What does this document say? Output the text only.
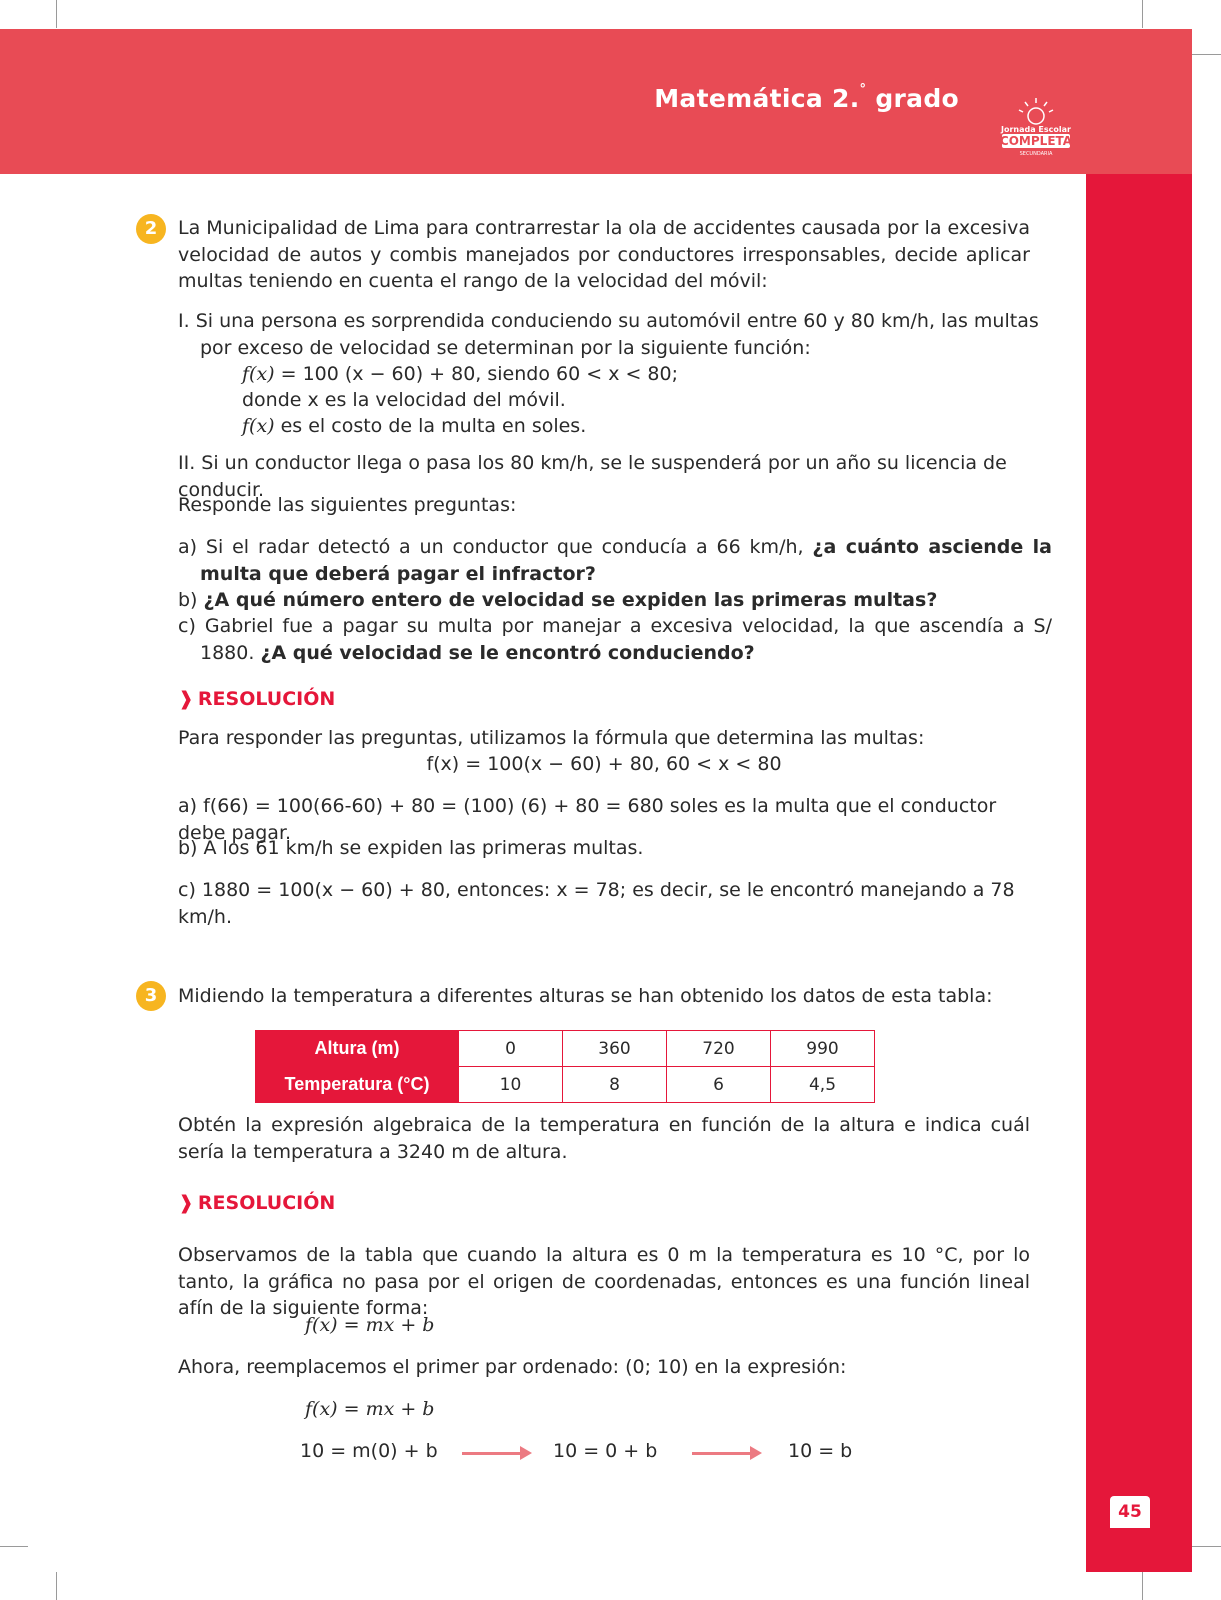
Matemática 2.° grado
Jornada Escolar
COMPLETA
SECUNDARIA
45
2	La Municipalidad de Lima para contrarrestar la ola de accidentes causada por la excesiva velocidad de autos y combis manejados por conductores irresponsables, decide aplicar multas teniendo en cuenta el rango de la velocidad del móvil:
I. Si una persona es sorprendida conduciendo su automóvil entre 60 y 80 km/h, las multas por exceso de velocidad se determinan por la siguiente función:
f(x) = 100 (x − 60) + 80, siendo 60 < x < 80;
donde x es la velocidad del móvil.
f(x) es el costo de la multa en soles.
II. Si un conductor llega o pasa los 80 km/h, se le suspenderá por un año su licencia de conducir.
Responde las siguientes preguntas:
a) Si el radar detectó a un conductor que conducía a 66 km/h, ¿a cuánto asciende la multa que deberá pagar el infractor?
b) ¿A qué número entero de velocidad se expiden las primeras multas?
c) Gabriel fue a pagar su multa por manejar a excesiva velocidad, la que ascendía a S/ 1880. ¿A qué velocidad se le encontró conduciendo?
❱ RESOLUCIÓN
Para responder las preguntas, utilizamos la fórmula que determina las multas:
f(x) = 100(x − 60) + 80, 60 < x < 80
a) f(66) = 100(66-60) + 80 = (100) (6) + 80 = 680 soles es la multa que el conductor debe pagar.
b) A los 61 km/h se expiden las primeras multas.
c) 1880 = 100(x − 60) + 80, entonces: x = 78; es decir, se le encontró manejando a 78 km/h.
3	Midiendo la temperatura a diferentes alturas se han obtenido los datos de esta tabla:
Altura (m)	0	360	720	990
Temperatura (°C)	10	8	6	4,5
Obtén la expresión algebraica de la temperatura en función de la altura e indica cuál sería la temperatura a 3240 m de altura.
❱ RESOLUCIÓN
Observamos de la tabla que cuando la altura es 0 m la temperatura es 10 °C, por lo tanto, la gráfica no pasa por el origen de coordenadas, entonces es una función lineal afín de la siguiente forma:
f(x) = mx + b
Ahora, reemplacemos el primer par ordenado: (0; 10) en la expresión:
f(x) = mx + b
10 = m(0) + b	10 = 0 + b	10 = b
